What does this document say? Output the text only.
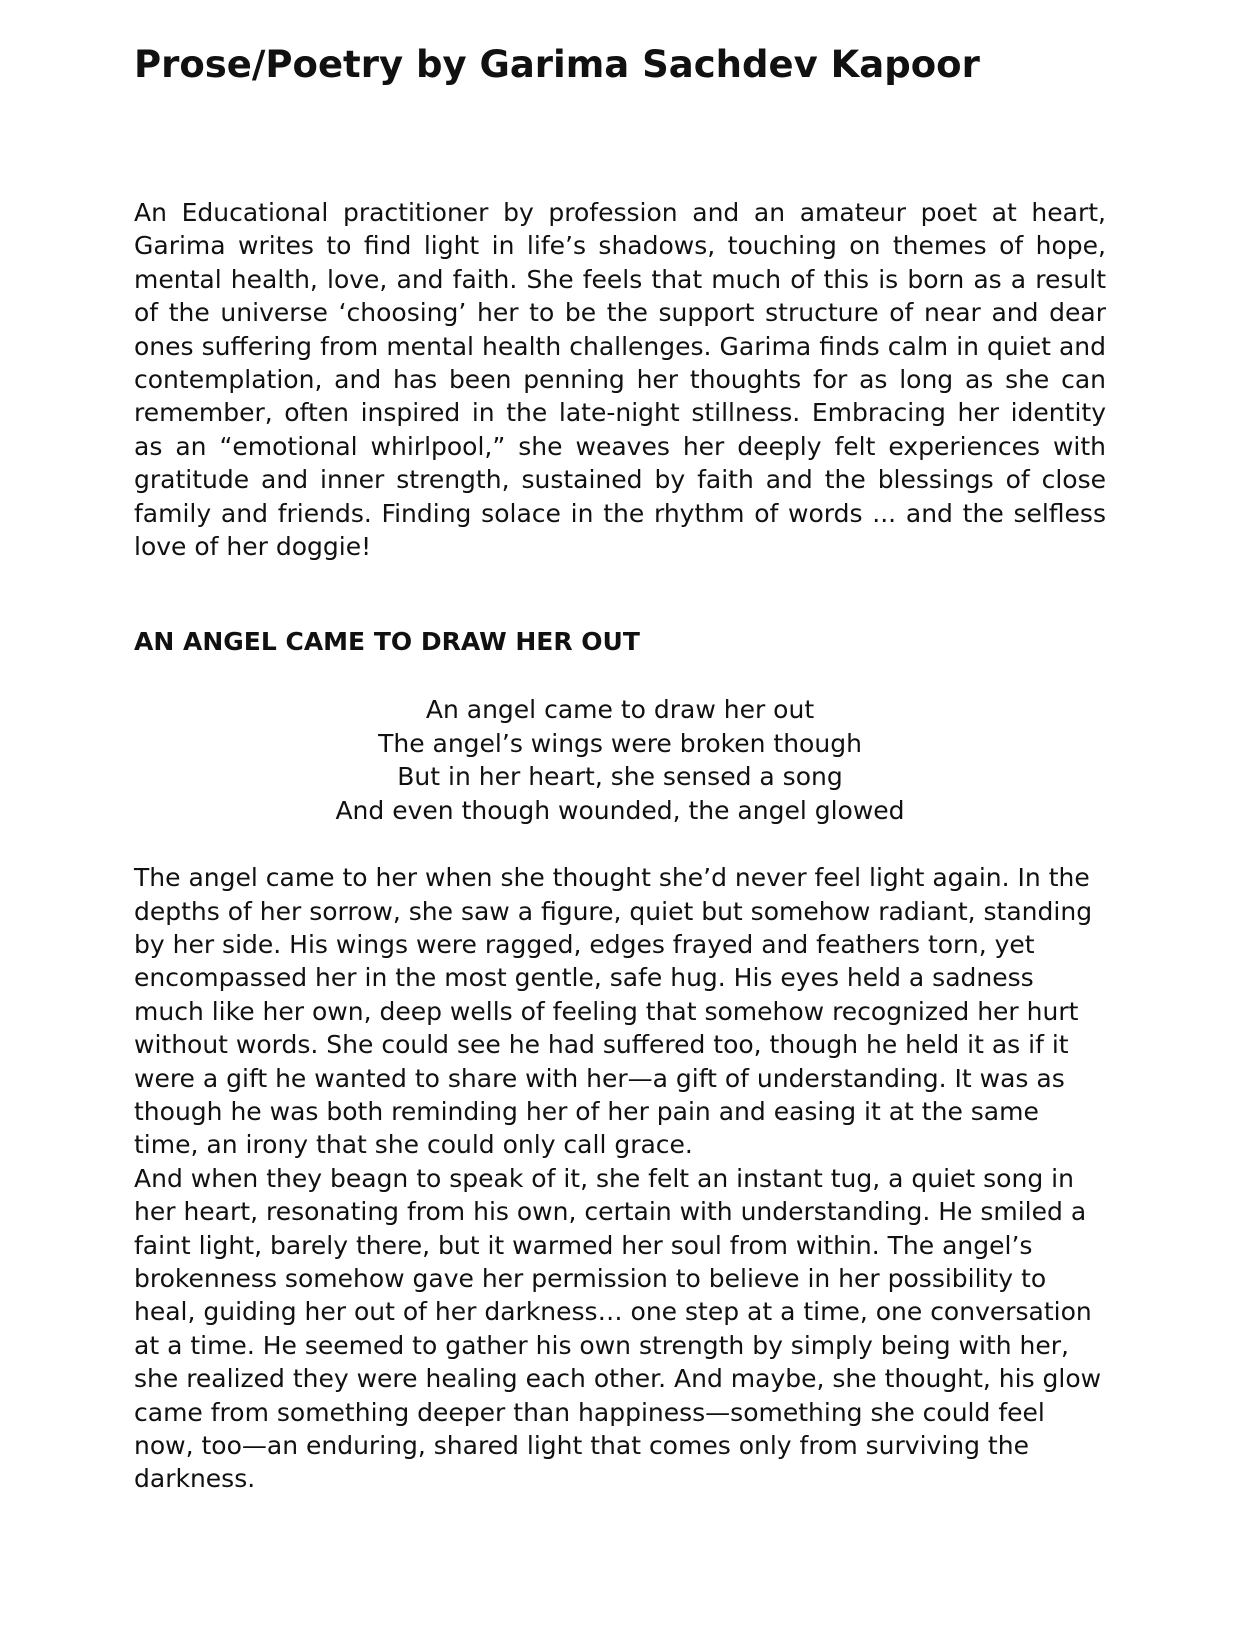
Prose/Poetry by Garima Sachdev Kapoor

An Educational practitioner by profession and an amateur poet at heart, Garima writes to find light in life’s shadows, touching on themes of hope, mental health, love, and faith. She feels that much of this is born as a result of the universe ‘choosing’ her to be the support structure of near and dear ones suffering from mental health challenges. Garima finds calm in quiet and contemplation, and has been penning her thoughts for as long as she can remember, often inspired in the late-night stillness. Embracing her identity as an “emotional whirlpool,” she weaves her deeply felt experiences with gratitude and inner strength, sustained by faith and the blessings of close family and friends. Finding solace in the rhythm of words ... and the selfless love of her doggie!

AN ANGEL CAME TO DRAW HER OUT
An angel came to draw her out
The angel’s wings were broken though
But in her heart, she sensed a song
And even though wounded, the angel glowed

The angel came to her when she thought she’d never feel light again. In the depths of her sorrow, she saw a figure, quiet but somehow radiant, standing by her side. His wings were ragged, edges frayed and feathers torn, yet encompassed her in the most gentle, safe hug. His eyes held a sadness much like her own, deep wells of feeling that somehow recognized her hurt without words. She could see he had suffered too, though he held it as if it were a gift he wanted to share with her—a gift of understanding. It was as though he was both reminding her of her pain and easing it at the same time, an irony that she could only call grace.

And when they beagn to speak of it, she felt an instant tug, a quiet song in her heart, resonating from his own, certain with understanding. He smiled a faint light, barely there, but it warmed her soul from within. The angel’s brokenness somehow gave her permission to believe in her possibility to heal, guiding her out of her darkness… one step at a time, one conversation at a time. He seemed to gather his own strength by simply being with her, she realized they were healing each other. And maybe, she thought, his glow came from something deeper than happiness—something she could feel now, too—an enduring, shared light that comes only from surviving the darkness.
